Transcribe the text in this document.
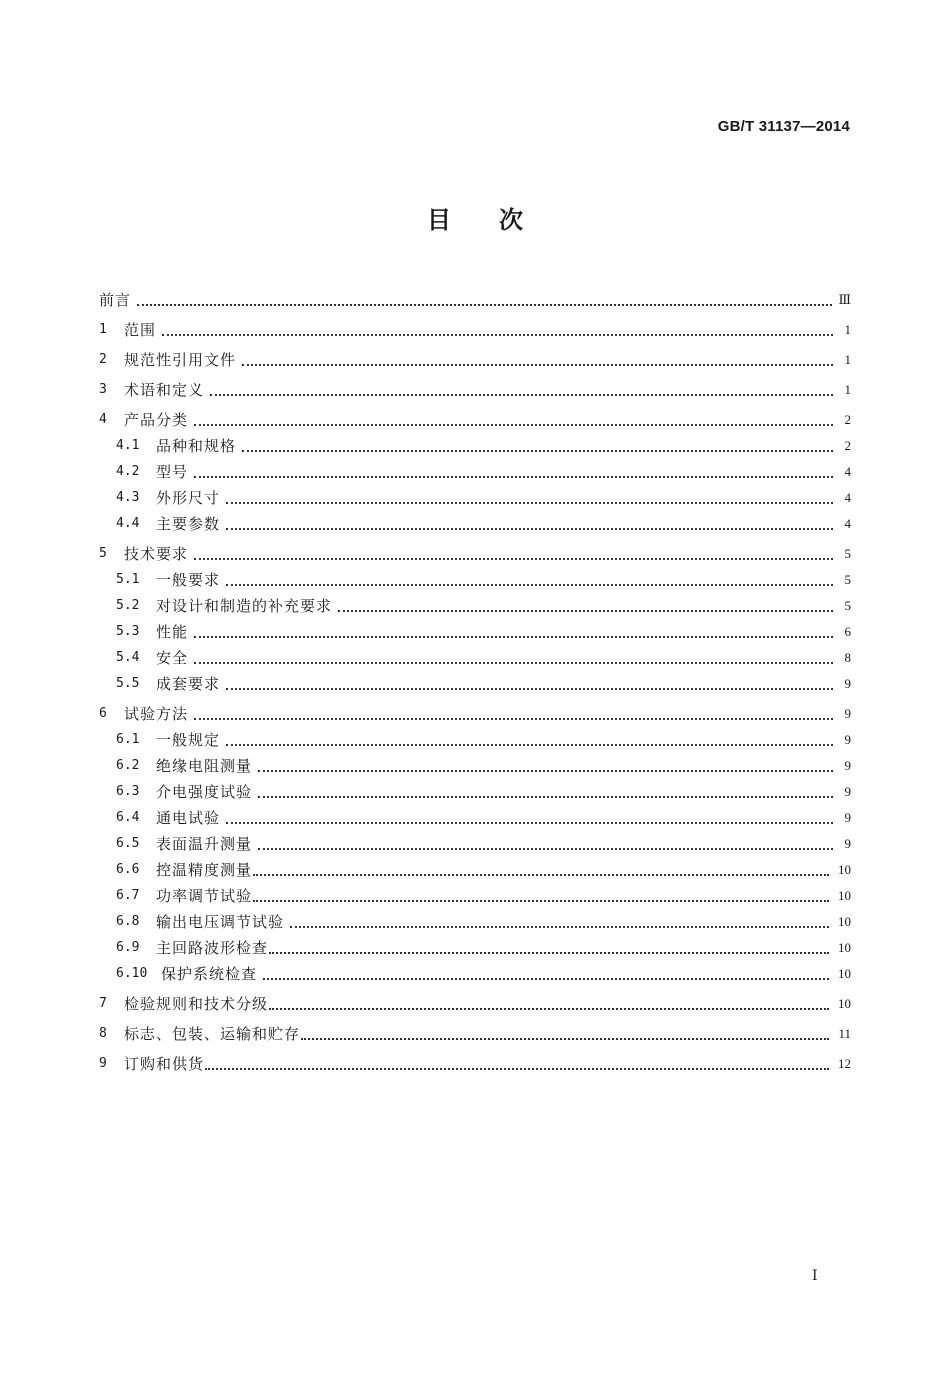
GB/T 31137—2014
目次
前言	Ⅲ
1	范围	1
2	规范性引用文件	1
3	术语和定义	1
4	产品分类	2
4.1	品种和规格	2
4.2	型号	4
4.3	外形尺寸	4
4.4	主要参数	4
5	技术要求	5
5.1	一般要求	5
5.2	对设计和制造的补充要求	5
5.3	性能	6
5.4	安全	8
5.5	成套要求	9
6	试验方法	9
6.1	一般规定	9
6.2	绝缘电阻测量	9
6.3	介电强度试验	9
6.4	通电试验	9
6.5	表面温升测量	9
6.6	控温精度测量	10
6.7	功率调节试验	10
6.8	输出电压调节试验	10
6.9	主回路波形检查	10
6.10 保护系统检查	10
7	检验规则和技术分级	10
8	标志、包装、运输和贮存	11
9	订购和供货	12
I
